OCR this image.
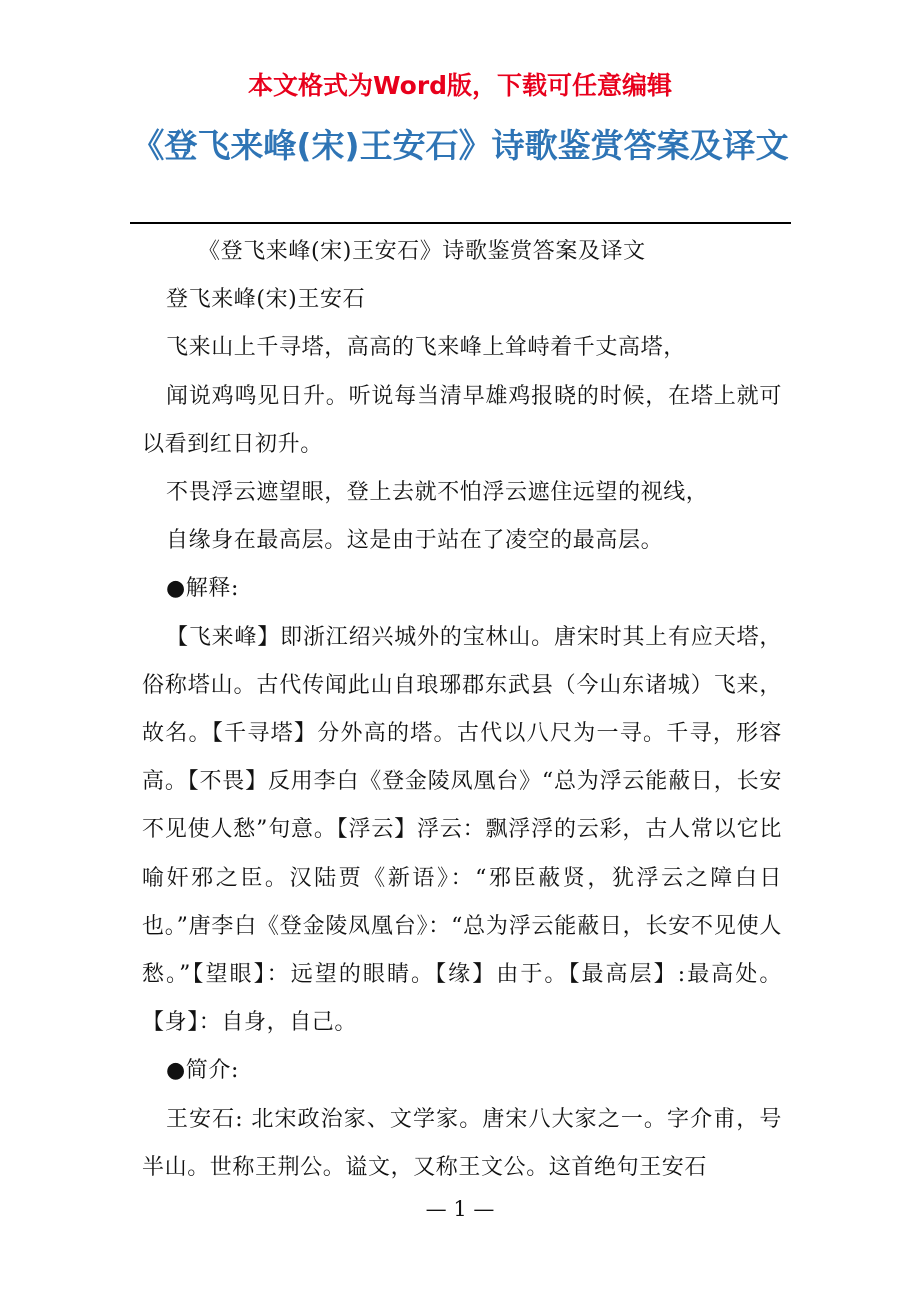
本文格式为Word版，下载可任意编辑
《登飞来峰(宋)王安石》诗歌鉴赏答案及译文

《登飞来峰(宋)王安石》诗歌鉴赏答案及译文

登飞来峰(宋)王安石

飞来山上千寻塔，高高的飞来峰上耸峙着千丈高塔，

闻说鸡鸣见日升。听说每当清早雄鸡报晓的时候，在塔上就可以看到红日初升。

不畏浮云遮望眼，登上去就不怕浮云遮住远望的视线，

自缘身在最高层。这是由于站在了凌空的最高层。

●解释:

【飞来峰】即浙江绍兴城外的宝林山。唐宋时其上有应天塔，俗称塔山。古代传闻此山自琅琊郡东武县（今山东诸城）飞来，故名。【千寻塔】分外高的塔。古代以八尺为一寻。千寻，形容高。【不畏】反用李白《登金陵凤凰台》“总为浮云能蔽日，长安不见使人愁”句意。【浮云】浮云：飘浮浮的云彩，古人常以它比喻奸邪之臣。汉陆贾《新语》：“邪臣蔽贤，犹浮云之障白日也。”唐李白《登金陵凤凰台》：“总为浮云能蔽日，长安不见使人愁。”【望眼】：远望的眼睛。【缘】由于。【最高层】:最高处。【身】：自身，自己。

●简介:

王安石: 北宋政治家、文学家。唐宋八大家之一。字介甫，号半山。世称王荆公。谥文，又称王文公。这首绝句王安石

— 1 —
